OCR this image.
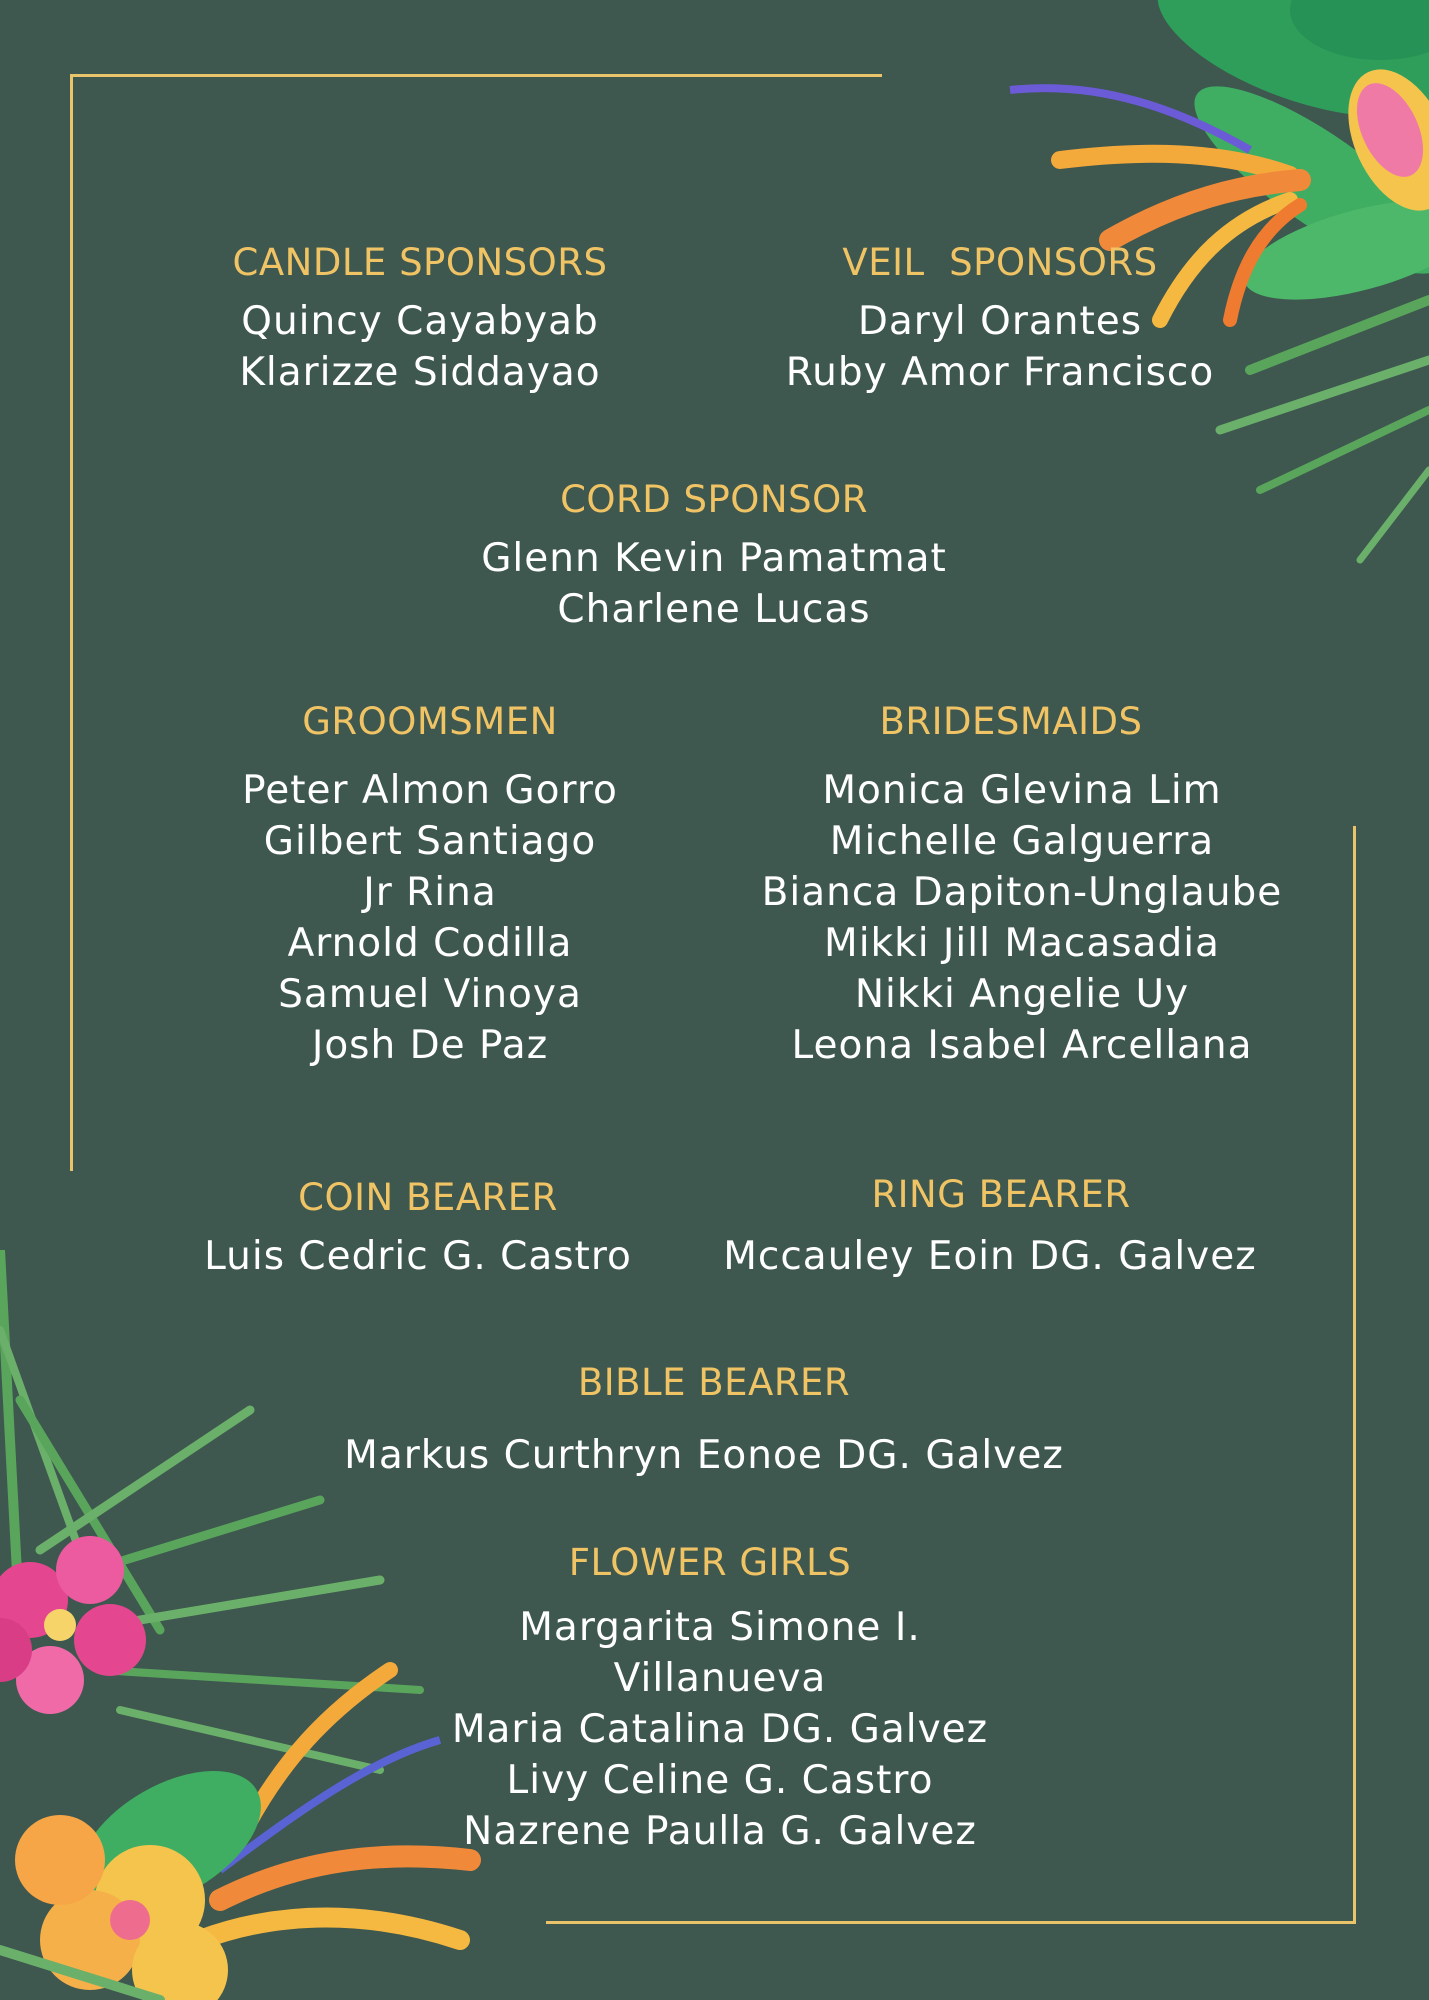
CANDLE SPONSORS
Quincy Cayabyab
Klarizze Siddayao
VEIL  SPONSORS
Daryl Orantes
Ruby Amor Francisco
CORD SPONSOR
Glenn Kevin Pamatmat
Charlene Lucas
GROOMSMEN
Peter Almon Gorro
Gilbert Santiago
Jr Rina
Arnold Codilla
Samuel Vinoya
Josh De Paz
BRIDESMAIDS
Monica Glevina Lim
Michelle Galguerra
Bianca Dapiton-Unglaube
Mikki Jill Macasadia
Nikki Angelie Uy
Leona Isabel Arcellana
COIN BEARER
Luis Cedric G. Castro
RING BEARER
Mccauley Eoin DG. Galvez
BIBLE BEARER
Markus Curthryn Eonoe DG. Galvez
FLOWER GIRLS
Margarita Simone I.
Villanueva
Maria Catalina DG. Galvez
Livy Celine G. Castro
Nazrene Paulla G. Galvez
